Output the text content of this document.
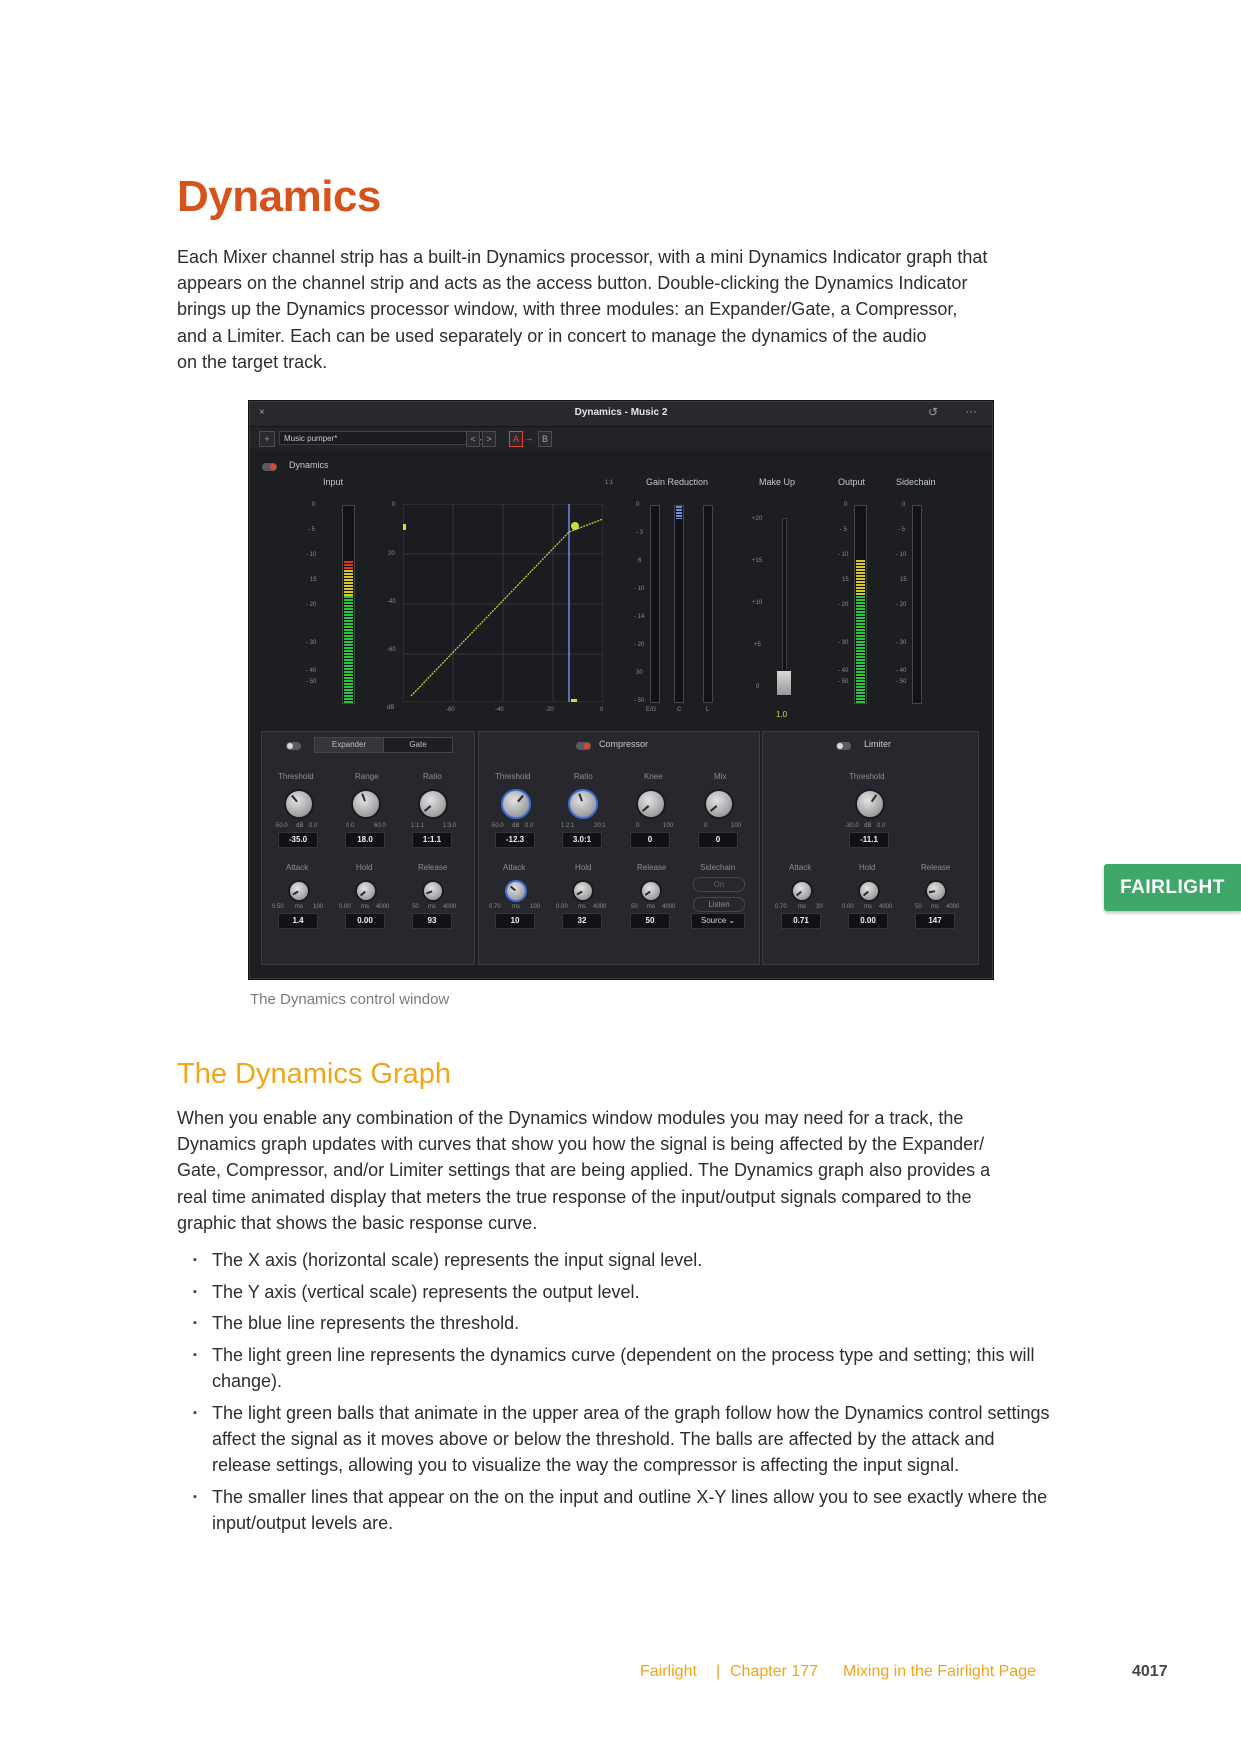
Dynamics

Each Mixer channel strip has a built-in Dynamics processor, with a mini Dynamics Indicator graph that

appears on the channel strip and acts as the access button. Double-clicking the Dynamics Indicator

brings up the Dynamics processor window, with three modules: an Expander/Gate, a Compressor,

and a Limiter. Each can be used separately or in concert to manage the dynamics of the audio

on the target track.

×	Dynamics - Music 2	↺ ···
+	Music pumper*	<	>	A → B
Dynamics
Input	1:1	Gain Reduction	Make Up	Output	Sidechain
0
- 5
- 10
15
- 20
- 30
- 40
- 50
0
20
-40
-60
dB	-60	-40	-20	0
0
- 3
6
- 10
- 14
- 20
30
- 50
E/G	C	L
+20
+15
+10
+5
0
1.0
0
- 5
- 10
15
- 20
- 30
- 40
- 50
0
- 5
- 10
15
- 20
- 30
- 40
- 50
Expander	Gate
Threshold	Range	Ratio
-50.0 dB 0.0	0.0	60.0	1:1.1	1:3.0
-35.0	18.0	1:1.1
Attack	Hold	Release
0.50 ms 100	0.00 ms 4000	50 ms 4000
1.4	0.00	93
Compressor
Threshold	Ratio	Knee	Mix
-50.0 dB 0.0	1.2:1	20:1	0	100	0	100
-12.3	3.0:1	0	0
Attack	Hold	Release	Sidechain
0.70 ms 100	0.00 ms 4000	50 ms 4000
10	32	50
On
Listen
Source ⌄
Limiter
Threshold
-30.0 dB 0.0
-11.1
Attack	Hold	Release
0.70 ms 30	0.00 ms 4000	50 ms 4000
0.71	0.00	147
The Dynamics control window
The Dynamics Graph

When you enable any combination of the Dynamics window modules you may need for a track, the

Dynamics graph updates with curves that show you how the signal is being affected by the Expander/

Gate, Compressor, and/or Limiter settings that are being applied. The Dynamics graph also provides a

real time animated display that meters the true response of the input/output signals compared to the

graphic that shows the basic response curve.

▪ The X axis (horizontal scale) represents the input signal level.
▪ The Y axis (vertical scale) represents the output level.
▪ The blue line represents the threshold.
▪ The light green line represents the dynamics curve (dependent on the process type and setting; this will change).
▪ The light green balls that animate in the upper area of the graph follow how the Dynamics control settings affect the signal as it moves above or below the threshold. The balls are affected by the attack and release settings, allowing you to visualize the way the compressor is affecting the input signal.
▪ The smaller lines that appear on the on the input and outline X-Y lines allow you to see exactly where the input/output levels are.
FAIRLIGHT
Fairlight | Chapter 177 Mixing in the Fairlight Page	4017
